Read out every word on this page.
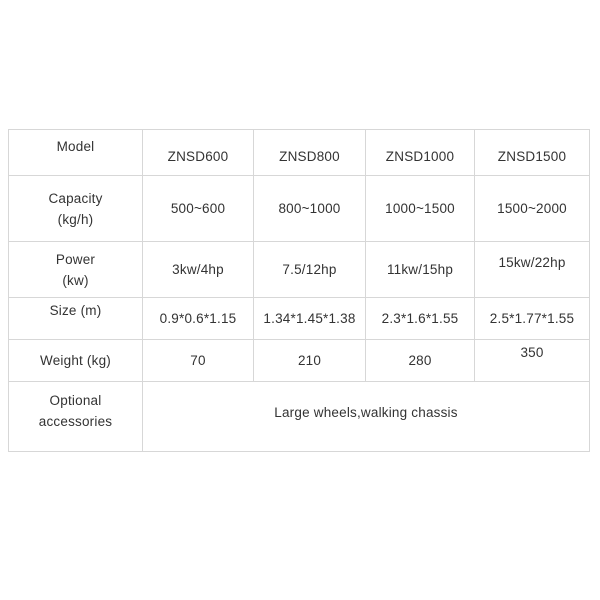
Model	ZNSD600	ZNSD800	ZNSD1000	ZNSD1500

Capacity
(kg/h)	500~600	800~1000	1000~1500	1500~2000

Power
(kw)	3kw/4hp	7.5/12hp	11kw/15hp	15kw/22hp
Size (m)	0.9*0.6*1.15	1.34*1.45*1.38	2.3*1.6*1.55	2.5*1.77*1.55
Weight (kg)	70	210	280	350

Optional
accessories	Large wheels,walking chassis			
